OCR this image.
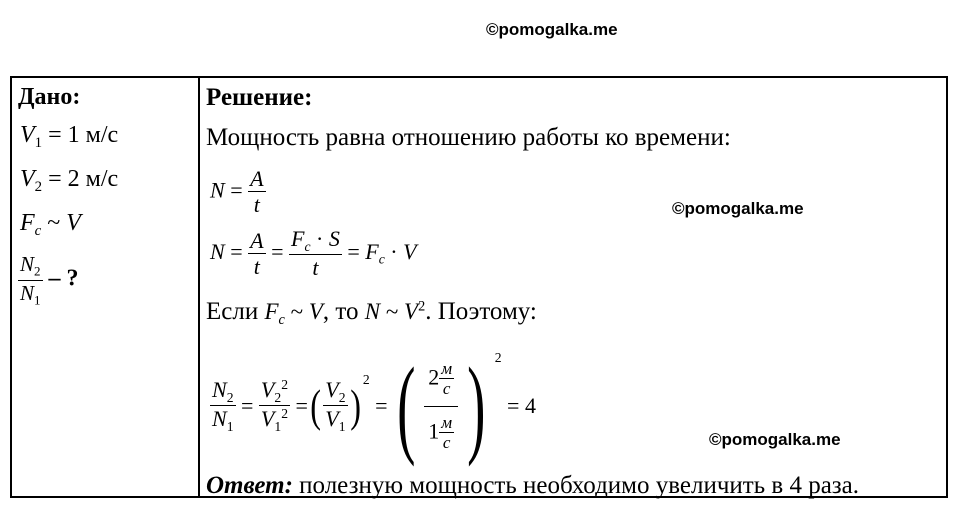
©pomogalka.me
©pomogalka.me
©pomogalka.me
Дано:
$V_1 = 1$ м/с
$V_2 = 2$ м/с
$F_c$ ~ V
$\frac{N_2}{N_1}$ – ?
Решение:
Мощность равна отношению работы ко времени:
$N = \frac{A}{t}$
$N = \frac{A}{t} = \frac{F_c \cdot S}{t} = F_c \cdot V$
Если $F_c$ ~ V, то N ~ $V^2$. Поэтому:
$\frac{N_2}{N_1} = \frac{V_2^2}{V_1^2}$ = ( $\frac{V_2}{V_1}$ )
$^2$
= ( $\frac{2 \frac{м}{с}}{1 \frac{м}{с}}$ ) $^2$

= 4
Ответ: полезную мощность необходимо увеличить в 4 раза.
